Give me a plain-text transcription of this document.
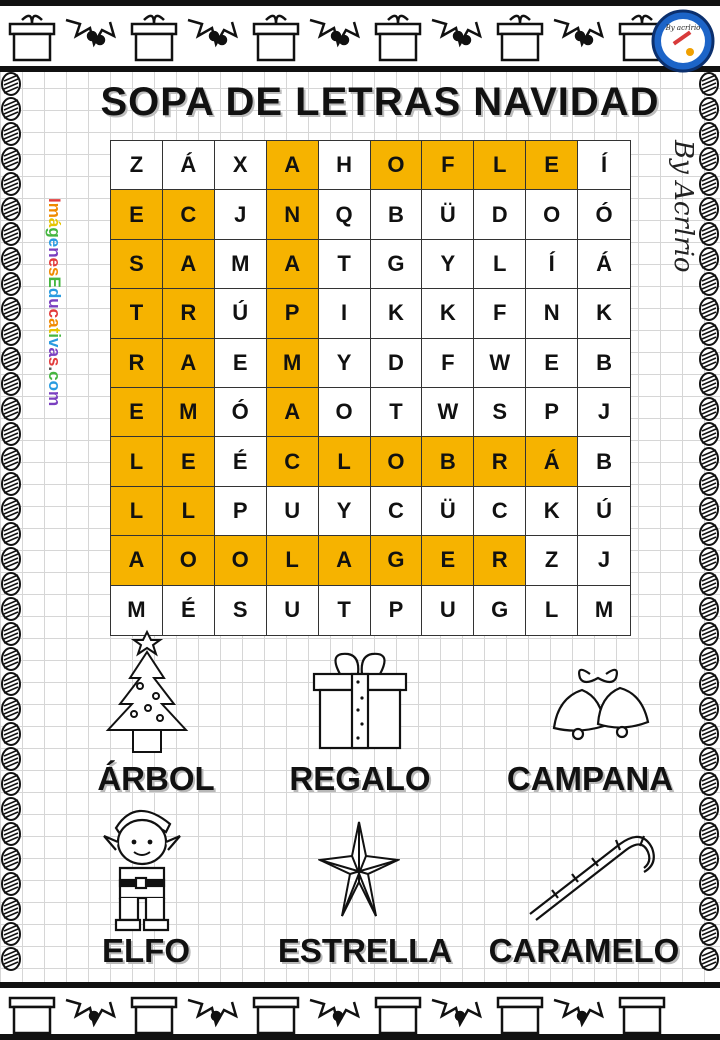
By acrlrio
SOPA DE LETRAS NAVIDAD
By Acrlrio
ImágenesEducativas.com
Z	Á	X	A	H	O	F	L	E	Í
E	C	J	N	Q	B	Ü	D	O	Ó
S	A	M	A	T	G	Y	L	Í	Á
T	R	Ú	P	I	K	K	F	N	K
R	A	E	M	Y	D	F	W	E	B
E	M	Ó	A	O	T	W	S	P	J
L	E	É	C	L	O	B	R	Á	B
L	L	P	U	Y	C	Ü	C	K	Ú
A	O	O	L	A	G	E	R	Z	J
M	É	S	U	T	P	U	G	L	M
ÁRBOL	REGALO	CAMPANA
ELFO	ESTRELLA	CARAMELO
